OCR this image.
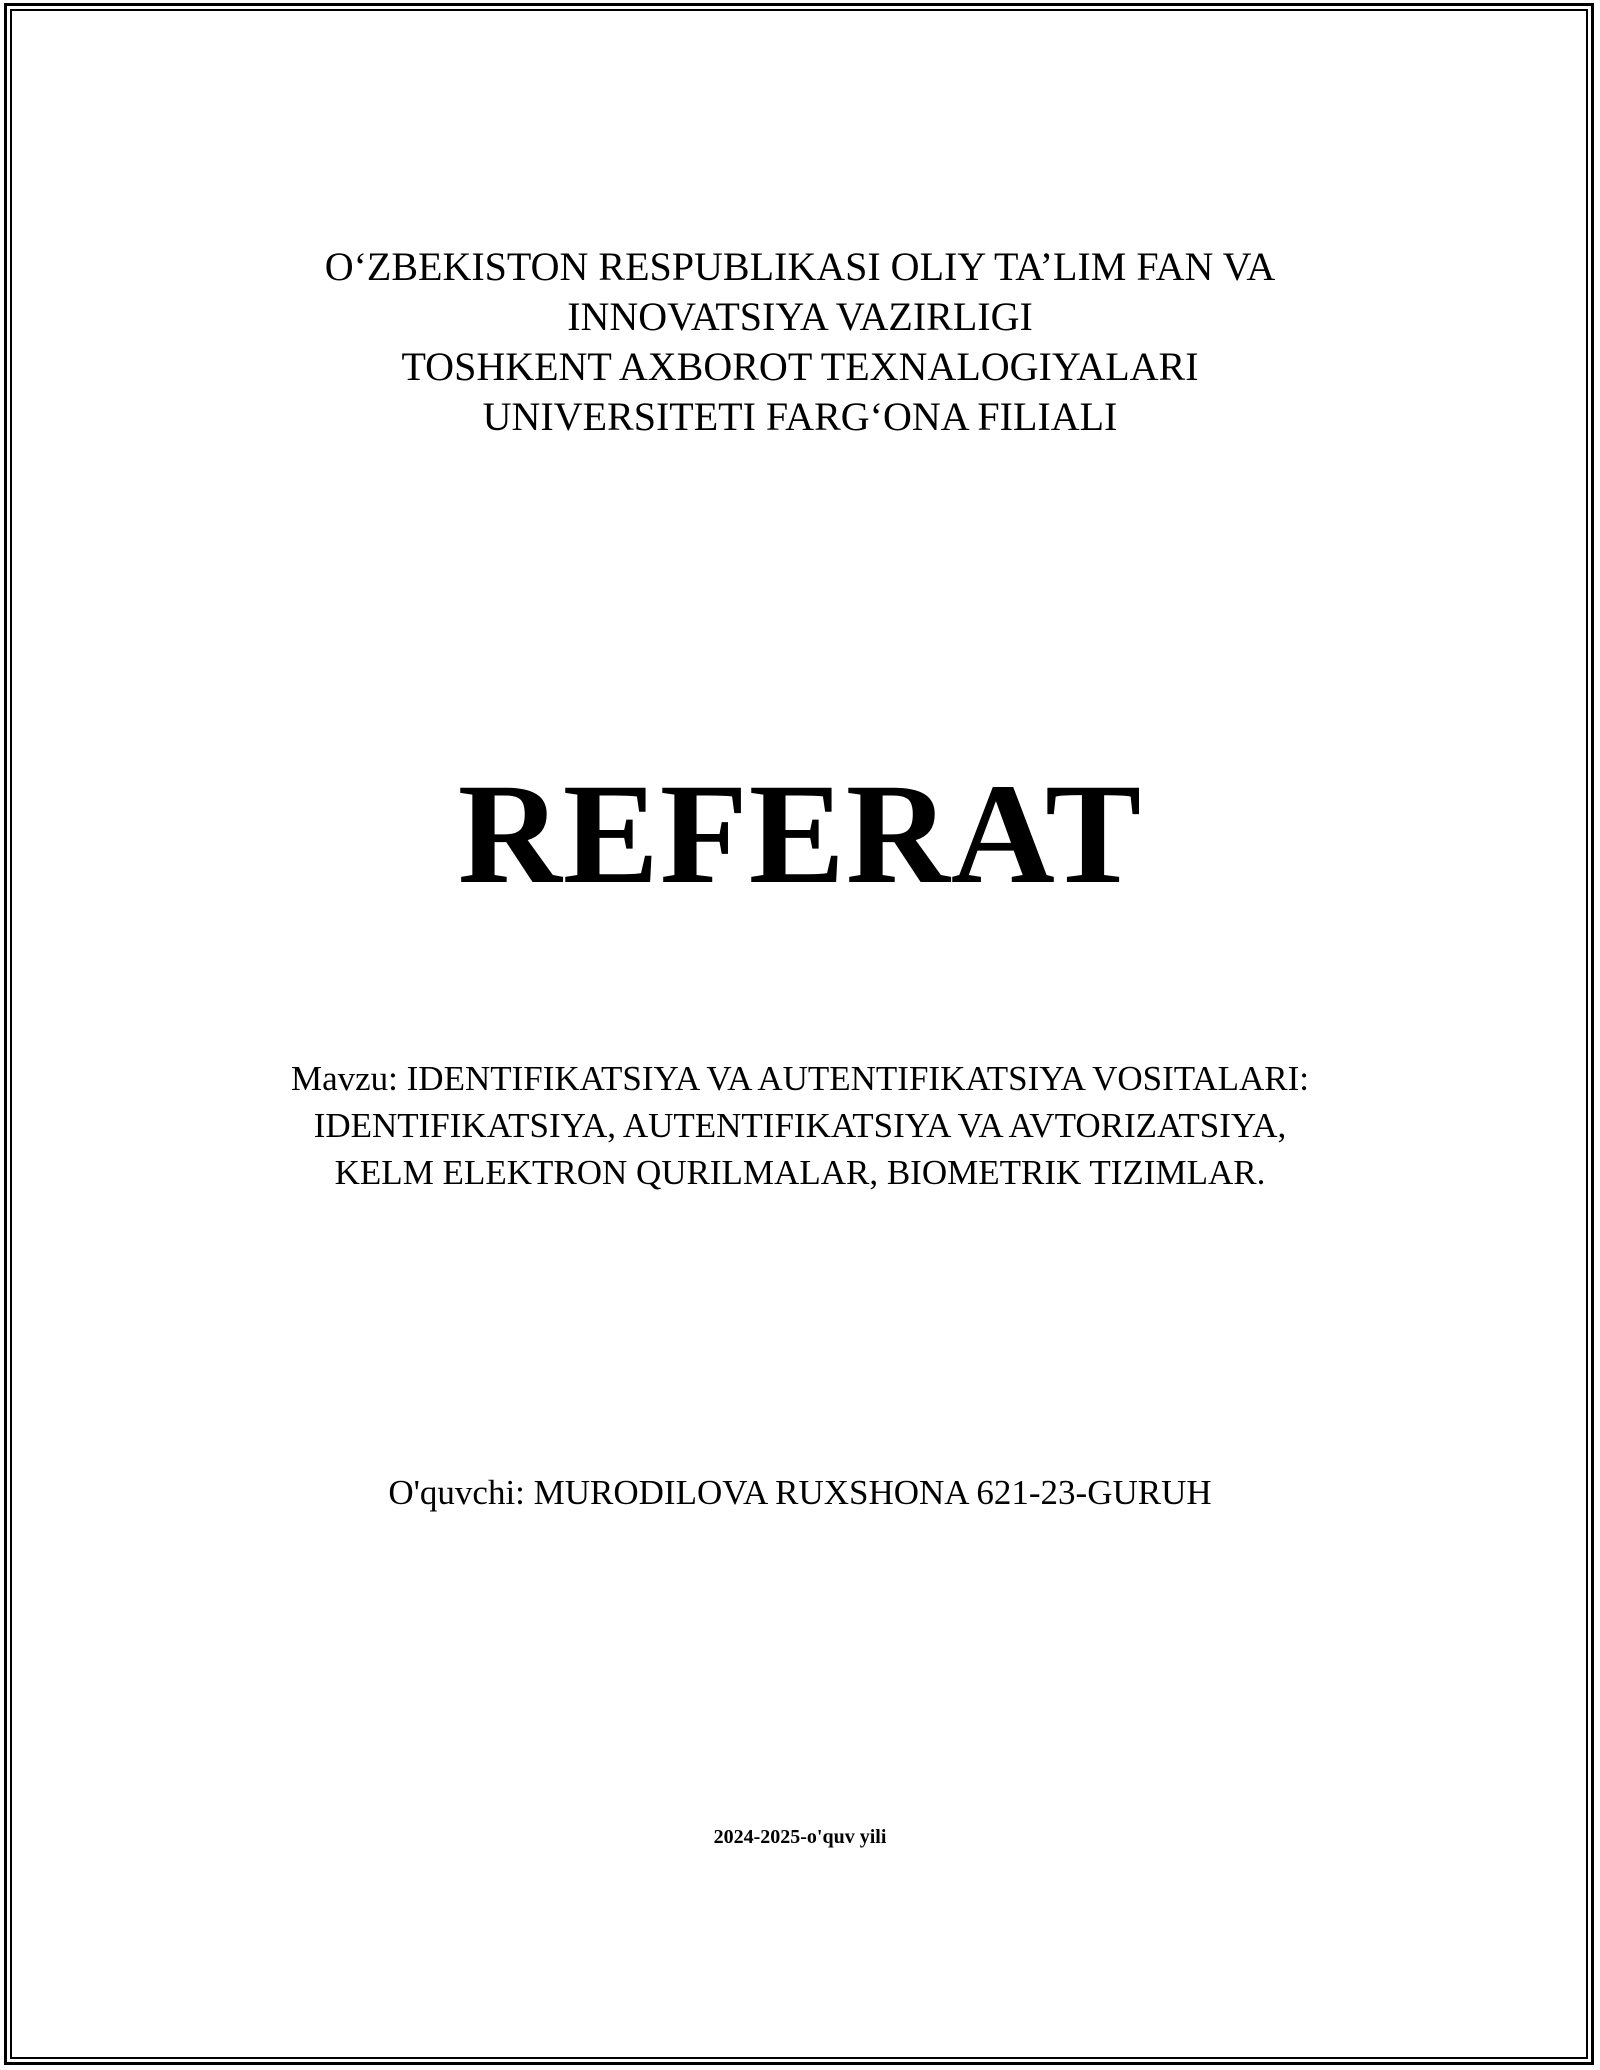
O‘ZBEKISTON RESPUBLIKASI OLIY TA’LIM FAN VA
INNOVATSIYA VAZIRLIGI
TOSHKENT AXBOROT TEXNALOGIYALARI
UNIVERSITETI FARG‘ONA FILIALI
REFERAT
Mavzu: IDENTIFIKATSIYA VA AUTENTIFIKATSIYA VOSITALARI:
IDENTIFIKATSIYA, AUTENTIFIKATSIYA VA AVTORIZATSIYA,
KELM ELEKTRON QURILMALAR, BIOMETRIK TIZIMLAR.
O'quvchi: MURODILOVA RUXSHONA 621-23-GURUH
2024-2025-o'quv yili
